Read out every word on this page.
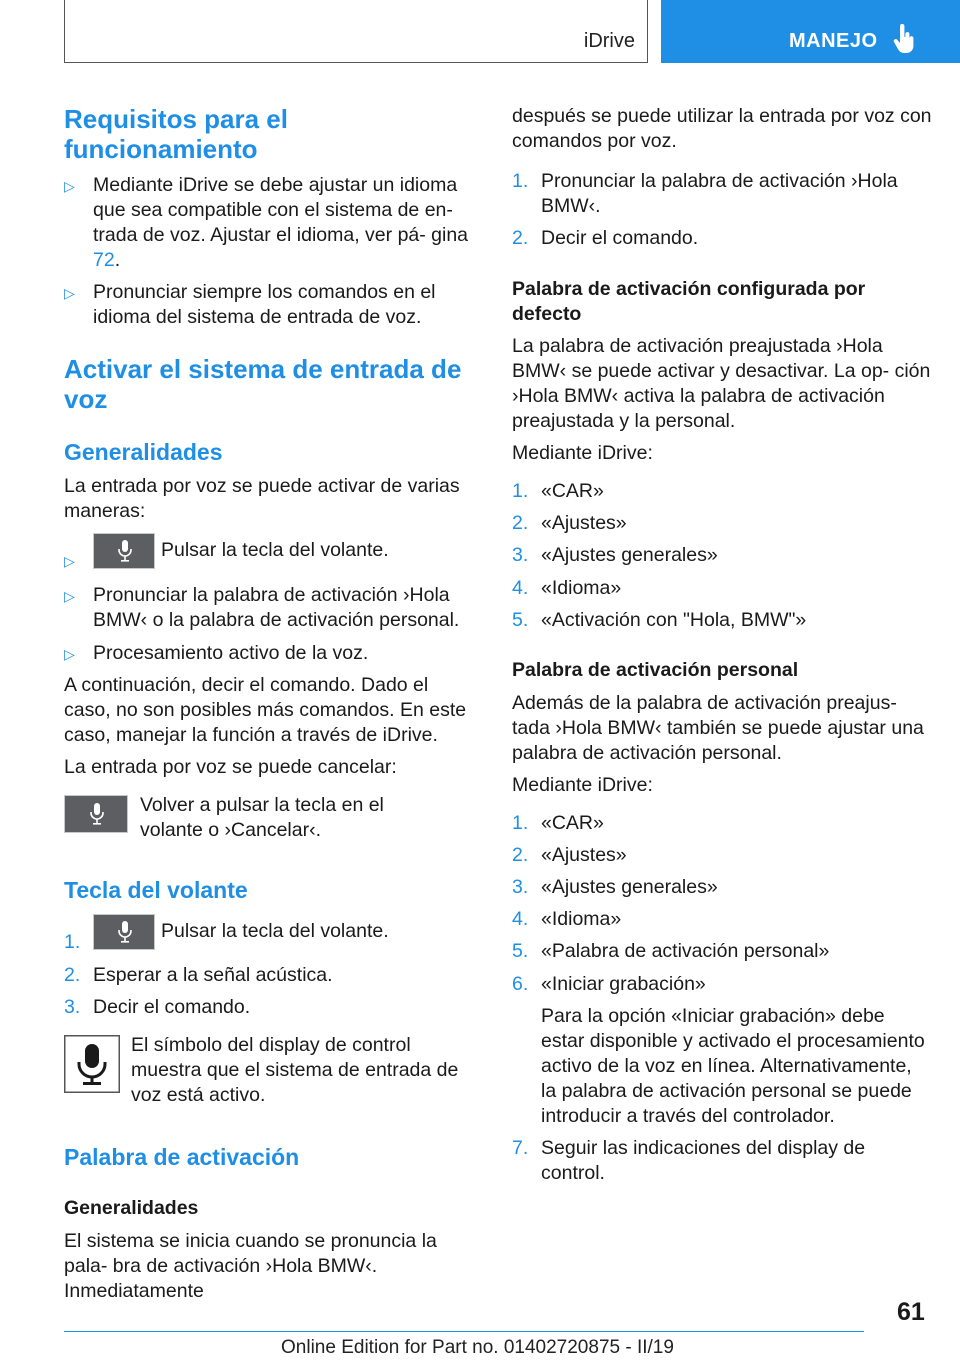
iDrive	MANEJO
Requisitos para el funcionamiento
▷ Mediante iDrive se debe ajustar un idioma que sea compatible con el sistema de en- trada de voz. Ajustar el idioma, ver pá- gina 72.

▷ Pronunciar siempre los comandos en el idioma del sistema de entrada de voz.

Activar el sistema de entrada de voz
Generalidades

La entrada por voz se puede activar de varias maneras:

▷	Pulsar la tecla del volante.

▷ Pronunciar la palabra de activación ›Hola BMW‹ o la palabra de activación personal.

▷ Procesamiento activo de la voz.

A continuación, decir el comando. Dado el caso, no son posibles más comandos. En este caso, manejar la función a través de iDrive.

La entrada por voz se puede cancelar:

Volver a pulsar la tecla en el volante o ›Cancelar‹.

Tecla del volante
1.	Pulsar la tecla del volante.

2. Esperar a la señal acústica.

3. Decir el comando.

El símbolo del display de control muestra que el sistema de entrada de voz está activo.

Palabra de activación
Generalidades

El sistema se inicia cuando se pronuncia la pala- bra de activación ›Hola BMW‹. Inmediatamente

después se puede utilizar la entrada por voz con comandos por voz.

1. Pronunciar la palabra de activación ›Hola BMW‹.

2. Decir el comando.

Palabra de activación configurada por defecto

La palabra de activación preajustada ›Hola BMW‹ se puede activar y desactivar. La op- ción ›Hola BMW‹ activa la palabra de activación preajustada y la personal.

Mediante iDrive:

1. «CAR»

2. «Ajustes»

3. «Ajustes generales»

4. «Idioma»

5. «Activación con "Hola, BMW"»

Palabra de activación personal

Además de la palabra de activación preajus- tada ›Hola BMW‹ también se puede ajustar una palabra de activación personal.

Mediante iDrive:

1. «CAR»

2. «Ajustes»

3. «Ajustes generales»

4. «Idioma»

5. «Palabra de activación personal»

6. «Iniciar grabación»

Para la opción «Iniciar grabación» debe estar disponible y activado el procesamiento activo de la voz en línea. Alternativamente, la palabra de activación personal se puede introducir a través del controlador.

7. Seguir las indicaciones del display de control.

61
Online Edition for Part no. 01402720875 - II/19
